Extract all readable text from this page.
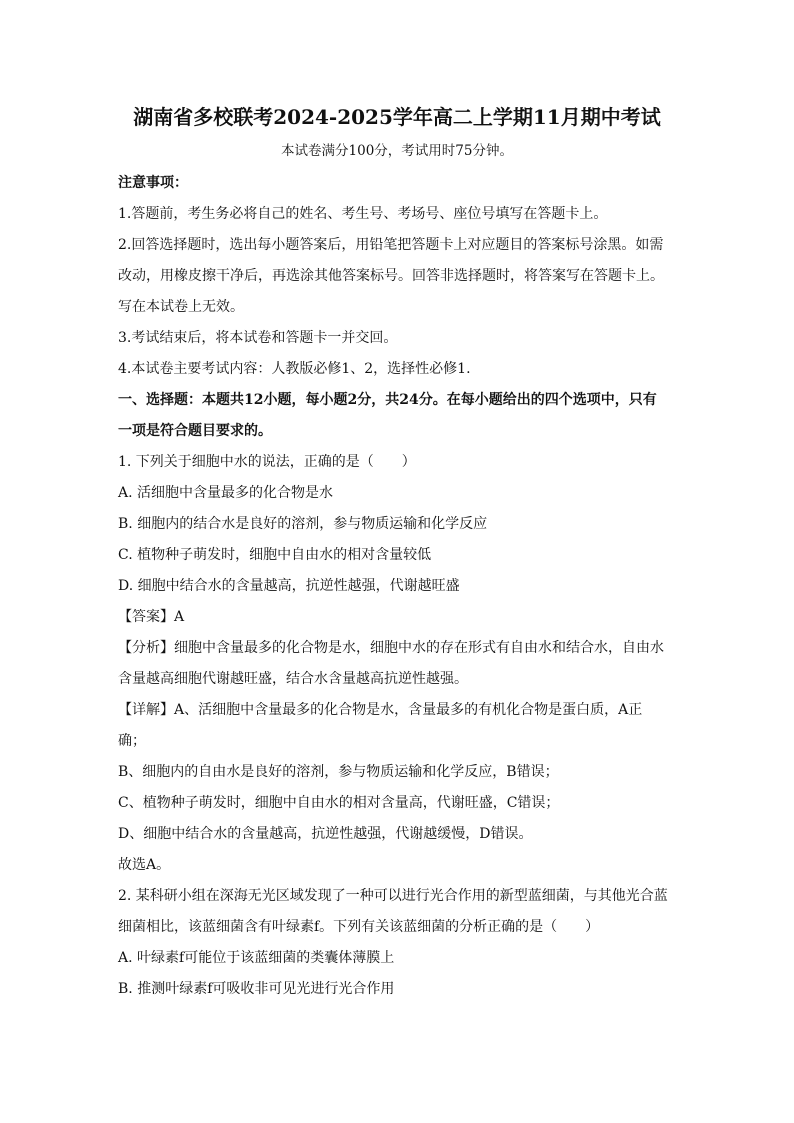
湖南省多校联考2024-2025学年高二上学期11月期中考试
本试卷满分100分，考试用时75分钟。
注意事项：
1.答题前，考生务必将自己的姓名、考生号、考场号、座位号填写在答题卡上。
2.回答选择题时，选出每小题答案后，用铅笔把答题卡上对应题目的答案标号涂黑。如需
改动，用橡皮擦干净后，再选涂其他答案标号。回答非选择题时，将答案写在答题卡上。
写在本试卷上无效。
3.考试结束后，将本试卷和答题卡一并交回。
4.本试卷主要考试内容：人教版必修1、2，选择性必修1.
一、选择题：本题共12小题，每小题2分，共24分。在每小题给出的四个选项中，只有
一项是符合题目要求的。
1. 下列关于细胞中水的说法，正确的是（　　）
A. 活细胞中含量最多的化合物是水
B. 细胞内的结合水是良好的溶剂，参与物质运输和化学反应
C. 植物种子萌发时，细胞中自由水的相对含量较低
D. 细胞中结合水的含量越高，抗逆性越强，代谢越旺盛
【答案】A
【分析】细胞中含量最多的化合物是水，细胞中水的存在形式有自由水和结合水，自由水
含量越高细胞代谢越旺盛，结合水含量越高抗逆性越强。
【详解】A、活细胞中含量最多的化合物是水，含量最多的有机化合物是蛋白质，A正
确；
B、细胞内的自由水是良好的溶剂，参与物质运输和化学反应，B错误；
C、植物种子萌发时，细胞中自由水的相对含量高，代谢旺盛，C错误；
D、细胞中结合水的含量越高，抗逆性越强，代谢越缓慢，D错误。
故选A。
2. 某科研小组在深海无光区域发现了一种可以进行光合作用的新型蓝细菌，与其他光合蓝
细菌相比，该蓝细菌含有叶绿素f。下列有关该蓝细菌的分析正确的是（　　）
A. 叶绿素f可能位于该蓝细菌的类囊体薄膜上
B. 推测叶绿素f可吸收非可见光进行光合作用
